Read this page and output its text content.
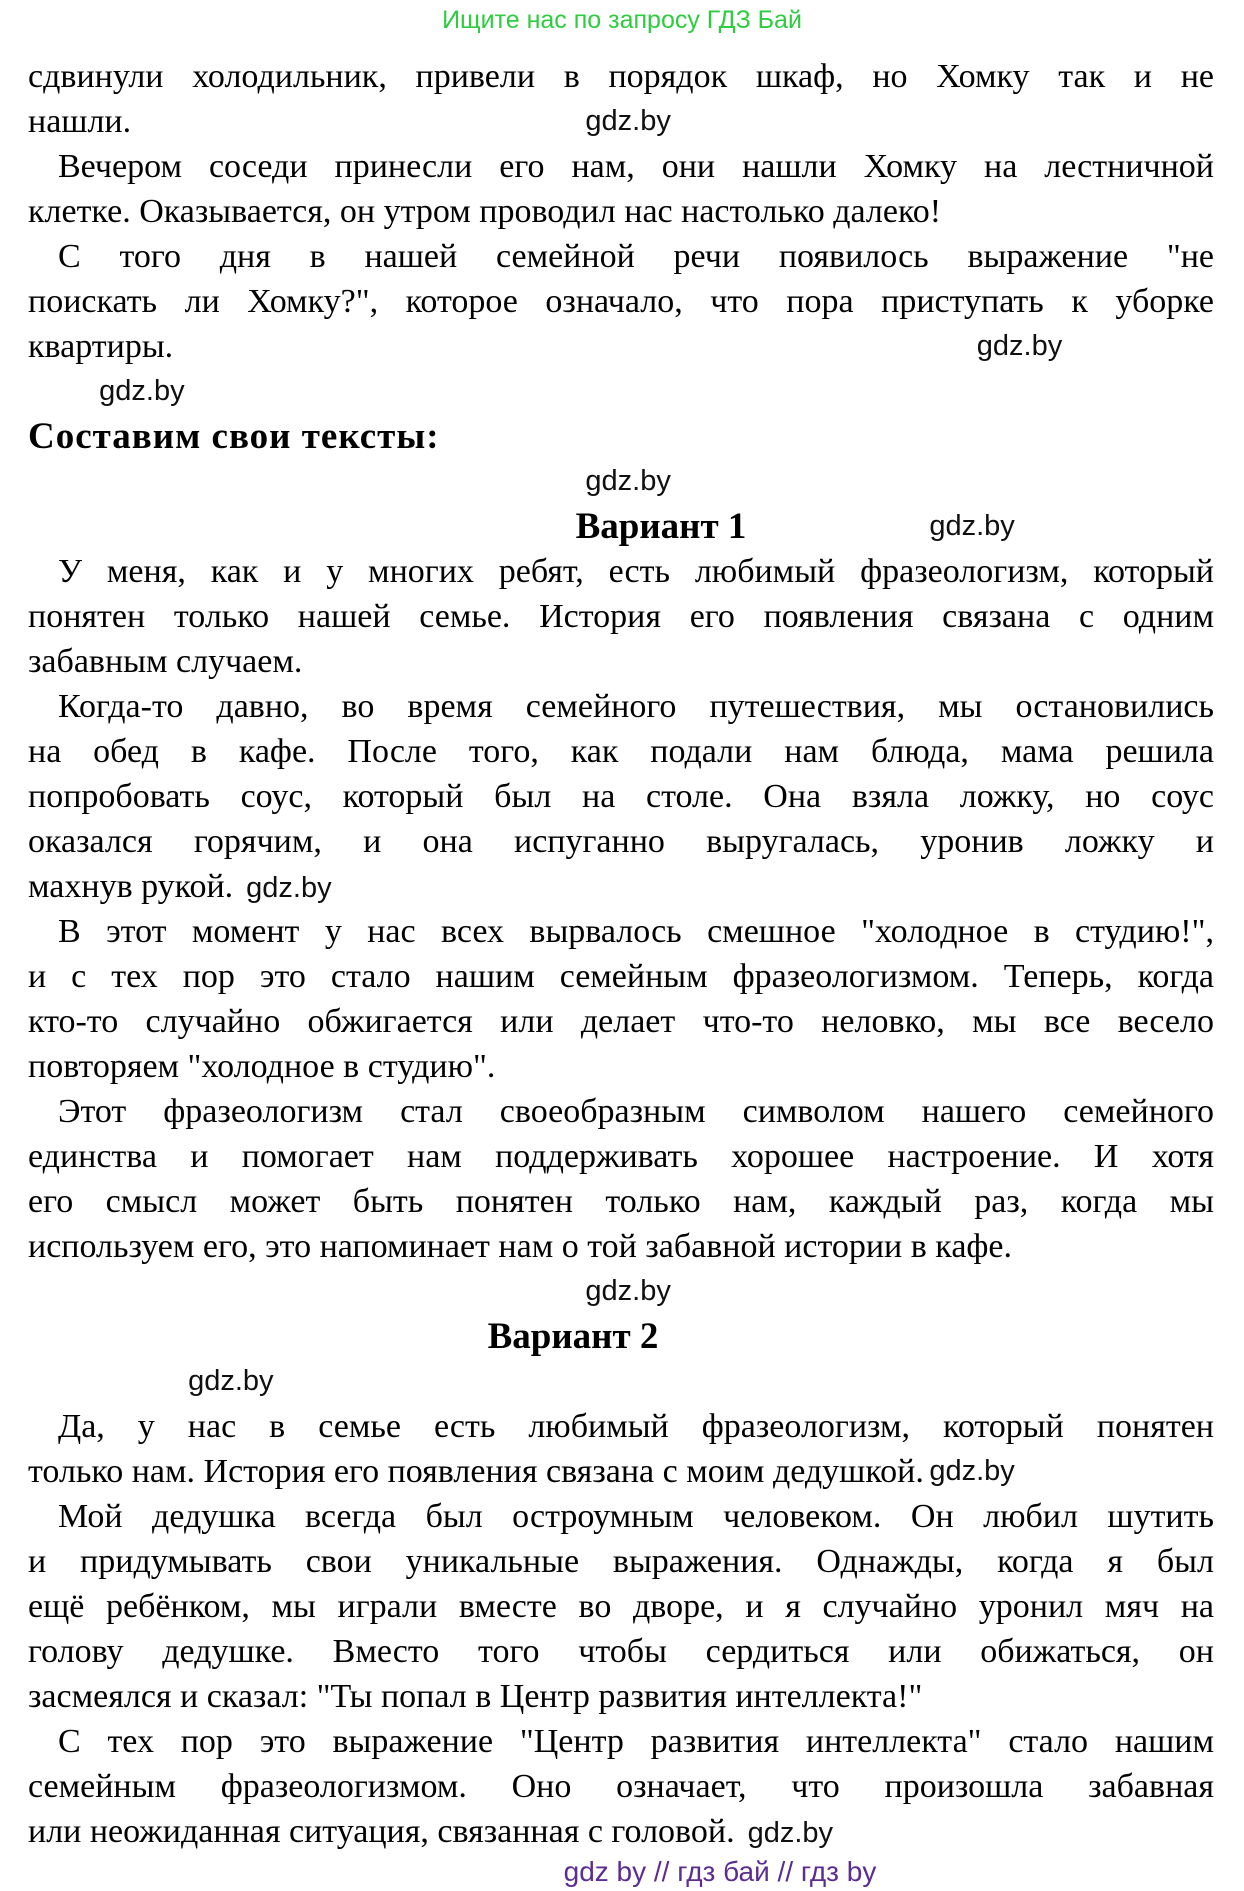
Ищите нас по запросу ГДЗ Бай
сдвинули холодильник, привели в порядок шкаф, но Хомку так и не
нашли.	gdz.by
Вечером соседи принесли его нам, они нашли Хомку на лестничной
клетке. Оказывается, он утром проводил нас настолько далеко!
С того дня в нашей семейной речи появилось выражение "не
поискать ли Хомку?", которое означало, что пора приступать к уборке
квартиры.	gdz.by
gdz.by
Составим свои тексты:
gdz.by
Вариант 1	gdz.by
У меня, как и у многих ребят, есть любимый фразеологизм, который
понятен только нашей семье. История его появления связана с одним
забавным случаем.
Когда-то давно, во время семейного путешествия, мы остановились
на обед в кафе. После того, как подали нам блюда, мама решила
попробовать соус, который был на столе. Она взяла ложку, но соус
оказался горячим, и она испуганно выругалась, уронив ложку и
махнув рукой. gdz.by
В этот момент у нас всех вырвалось смешное "холодное в студию!",
и с тех пор это стало нашим семейным фразеологизмом. Теперь, когда
кто-то случайно обжигается или делает что-то неловко, мы все весело
повторяем "холодное в студию".
Этот фразеологизм стал своеобразным символом нашего семейного
единства и помогает нам поддерживать хорошее настроение. И хотя
его смысл может быть понятен только нам, каждый раз, когда мы
используем его, это напоминает нам о той забавной истории в кафе.
gdz.by
Вариант 2
gdz.by
Да, у нас в семье есть любимый фразеологизм, который понятен
только нам. История его появления связана с моим дедушкой. gdz.by
Мой дедушка всегда был остроумным человеком. Он любил шутить
и придумывать свои уникальные выражения. Однажды, когда я был
ещё ребёнком, мы играли вместе во дворе, и я случайно уронил мяч на
голову дедушке. Вместо того чтобы сердиться или обижаться, он
засмеялся и сказал: "Ты попал в Центр развития интеллекта!"
С тех пор это выражение "Центр развития интеллекта" стало нашим
семейным фразеологизмом. Оно означает, что произошла забавная
или неожиданная ситуация, связанная с головой. gdz.by
gdz by // гдз бай // гдз by
